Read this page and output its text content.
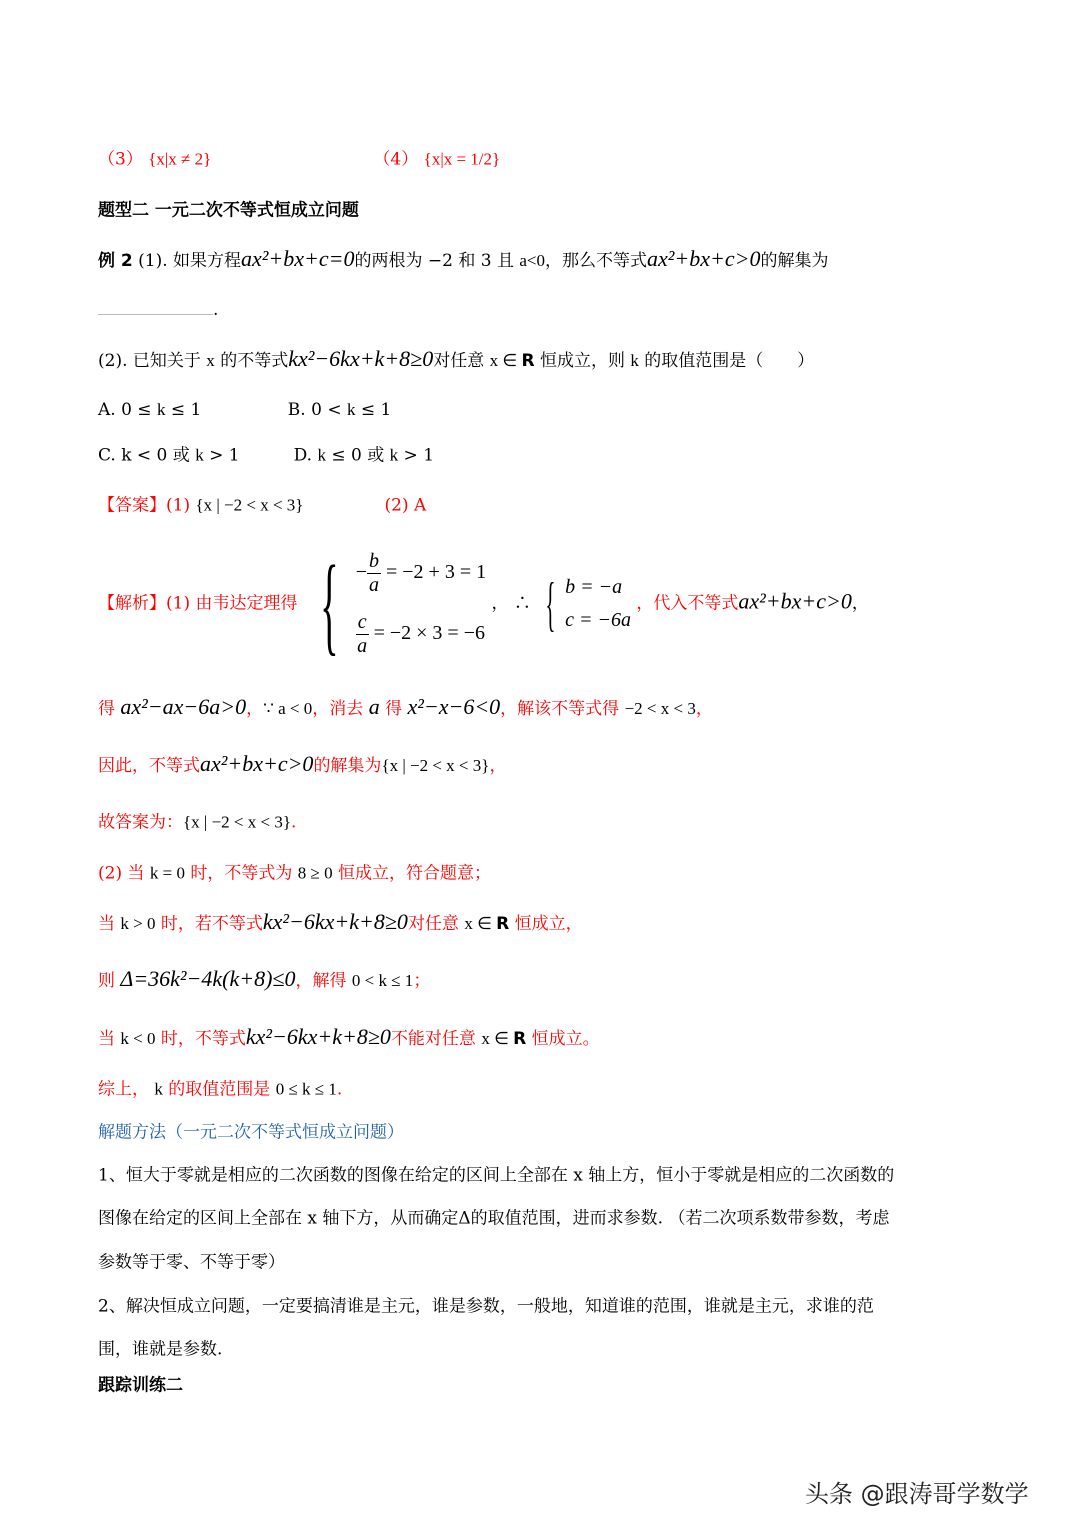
（3） {x|x ≠ 2}	（4） {x|x = 1/2}
题型二 一元二次不等式恒成立问题
例 2 (1). 如果方程ax²+bx+c=0的两根为 −2 和 3 且 a<0，那么不等式ax²+bx+c>0的解集为
.
(2). 已知关于 x 的不等式kx²−6kx+k+8≥0对任意 x ∈ R 恒成立，则 k 的取值范围是（　　）
A. 0 ≤ k ≤ 1	B. 0 < k ≤ 1
C. k < 0 或 k > 1	D. k ≤ 0 或 k > 1
【答案】(1) {x | −2 < x < 3}	(2) A
【解析】(1) 由韦达定理得 { − $\frac{b}{a} = -2 + 3 = 1$
$\frac{c}{a} = -2 \times 3 = -6$
， ∴ { b = −a
c = −6a
，代入不等式ax²+bx+c>0，
得 ax²−ax−6a>0，∵ a < 0，消去 a 得 x²−x−6<0，解该不等式得 −2 < x < 3，
因此，不等式ax²+bx+c>0的解集为{x | −2 < x < 3}，
故答案为：{x | −2 < x < 3}.
(2) 当 k = 0 时，不等式为 8 ≥ 0 恒成立，符合题意；
当 k > 0 时，若不等式kx²−6kx+k+8≥0对任意 x ∈ R 恒成立，
则 Δ=36k²−4k(k+8)≤0，解得 0 < k ≤ 1；
当 k < 0 时，不等式kx²−6kx+k+8≥0不能对任意 x ∈ R 恒成立。
综上， k 的取值范围是 0 ≤ k ≤ 1.
解题方法（一元二次不等式恒成立问题）
1、恒大于零就是相应的二次函数的图像在给定的区间上全部在 x 轴上方，恒小于零就是相应的二次函数的
图像在给定的区间上全部在 x 轴下方，从而确定Δ的取值范围，进而求参数. （若二次项系数带参数，考虑
参数等于零、不等于零）
2、解决恒成立问题，一定要搞清谁是主元，谁是参数，一般地，知道谁的范围，谁就是主元，求谁的范
围，谁就是参数.
跟踪训练二
头条 @跟涛哥学数学
